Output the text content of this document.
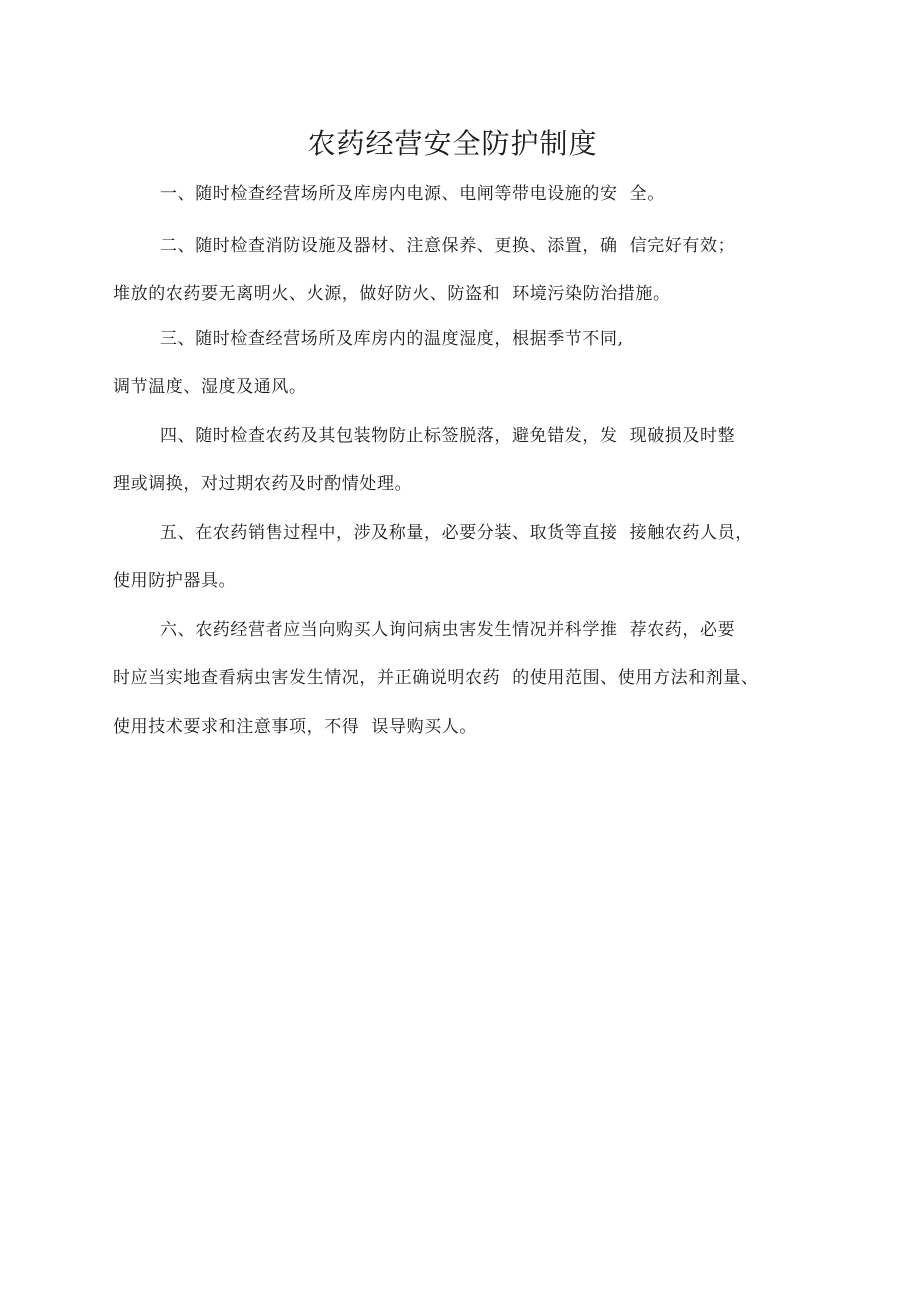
农药经营安全防护制度
一、随时检查经营场所及库房内电源、电闸等带电设施的安  全。
二、随时检查消防设施及器材、注意保养、更换、添置，确  信完好有效；
堆放的农药要无离明火、火源，做好防火、防盗和  环境污染防治措施。
三、随时检查经营场所及库房内的温度湿度，根据季节不同,
调节温度、湿度及通风。
四、随时检查农药及其包装物防止标签脱落，避免错发，发  现破损及时整
理或调换，对过期农药及时酌情处理。
五、在农药销售过程中，涉及称量，必要分装、取货等直接  接触农药人员，
使用防护器具。
六、农药经营者应当向购买人询问病虫害发生情况并科学推  荐农药，必要
时应当实地查看病虫害发生情况，并正确说明农药  的使用范围、使用方法和剂量、
使用技术要求和注意事项，不得  误导购买人。
